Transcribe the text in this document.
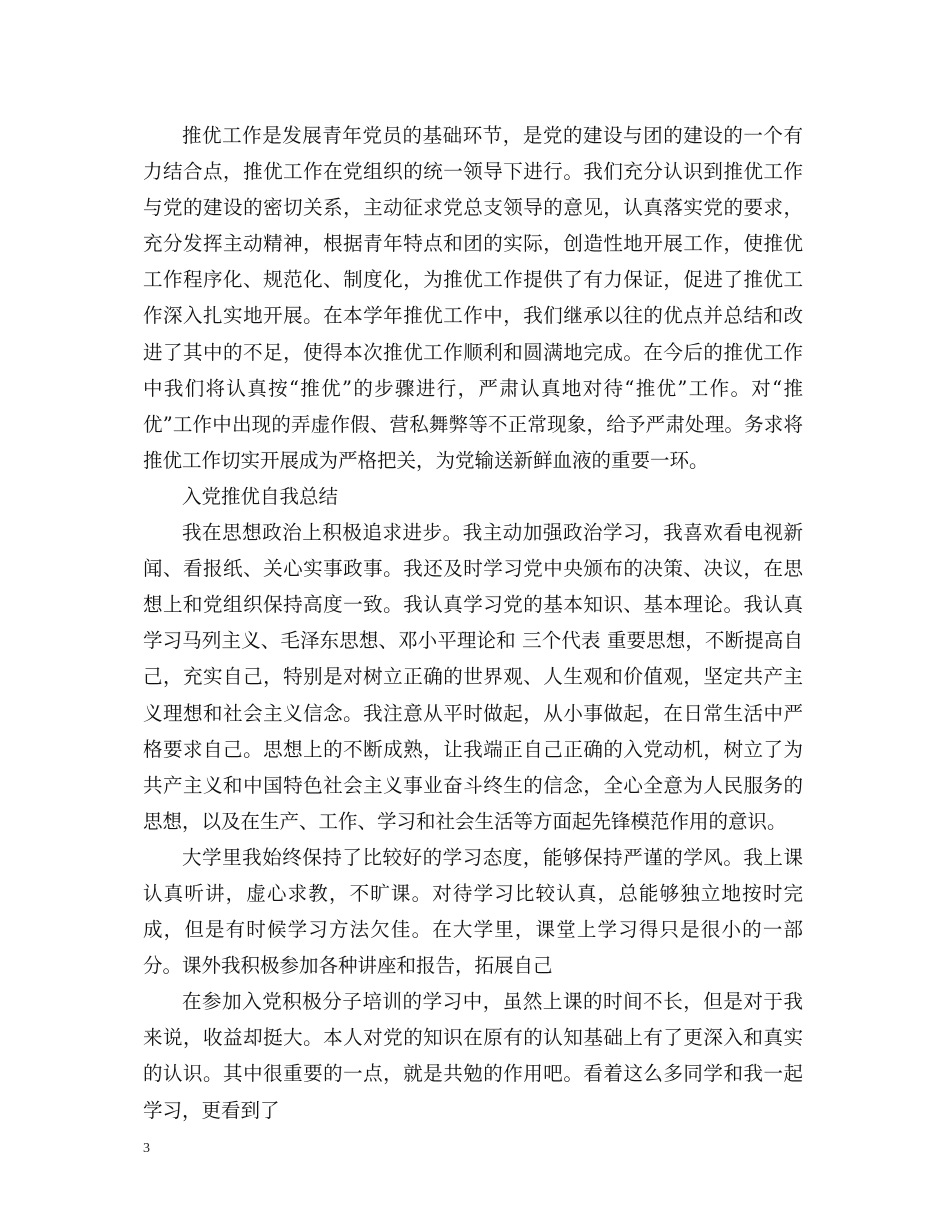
推优工作是发展青年党员的基础环节，是党的建设与团的建设的一个有力结合点，推优工作在党组织的统一领导下进行。我们充分认识到推优工作与党的建设的密切关系，主动征求党总支领导的意见，认真落实党的要求，充分发挥主动精神，根据青年特点和团的实际，创造性地开展工作，使推优工作程序化、规范化、制度化，为推优工作提供了有力保证，促进了推优工作深入扎实地开展。在本学年推优工作中，我们继承以往的优点并总结和改进了其中的不足，使得本次推优工作顺利和圆满地完成。在今后的推优工作中我们将认真按“推优”的步骤进行，严肃认真地对待“推优”工作。对“推优”工作中出现的弄虚作假、营私舞弊等不正常现象，给予严肃处理。务求将推优工作切实开展成为严格把关，为党输送新鲜血液的重要一环。

入党推优自我总结

我在思想政治上积极追求进步。我主动加强政治学习，我喜欢看电视新闻、看报纸、关心实事政事。我还及时学习党中央颁布的决策、决议，在思想上和党组织保持高度一致。我认真学习党的基本知识、基本理论。我认真学习马列主义、毛泽东思想、邓小平理论和 三个代表 重要思想，不断提高自己，充实自己，特别是对树立正确的世界观、人生观和价值观，坚定共产主义理想和社会主义信念。我注意从平时做起，从小事做起，在日常生活中严格要求自己。思想上的不断成熟，让我端正自己正确的入党动机，树立了为共产主义和中国特色社会主义事业奋斗终生的信念，全心全意为人民服务的思想，以及在生产、工作、学习和社会生活等方面起先锋模范作用的意识。

大学里我始终保持了比较好的学习态度，能够保持严谨的学风。我上课认真听讲，虚心求教，不旷课。对待学习比较认真，总能够独立地按时完成，但是有时候学习方法欠佳。在大学里，课堂上学习得只是很小的一部分。课外我积极参加各种讲座和报告，拓展自己

在参加入党积极分子培训的学习中，虽然上课的时间不长，但是对于我来说，收益却挺大。本人对党的知识在原有的认知基础上有了更深入和真实的认识。其中很重要的一点，就是共勉的作用吧。看着这么多同学和我一起学习，更看到了

3
